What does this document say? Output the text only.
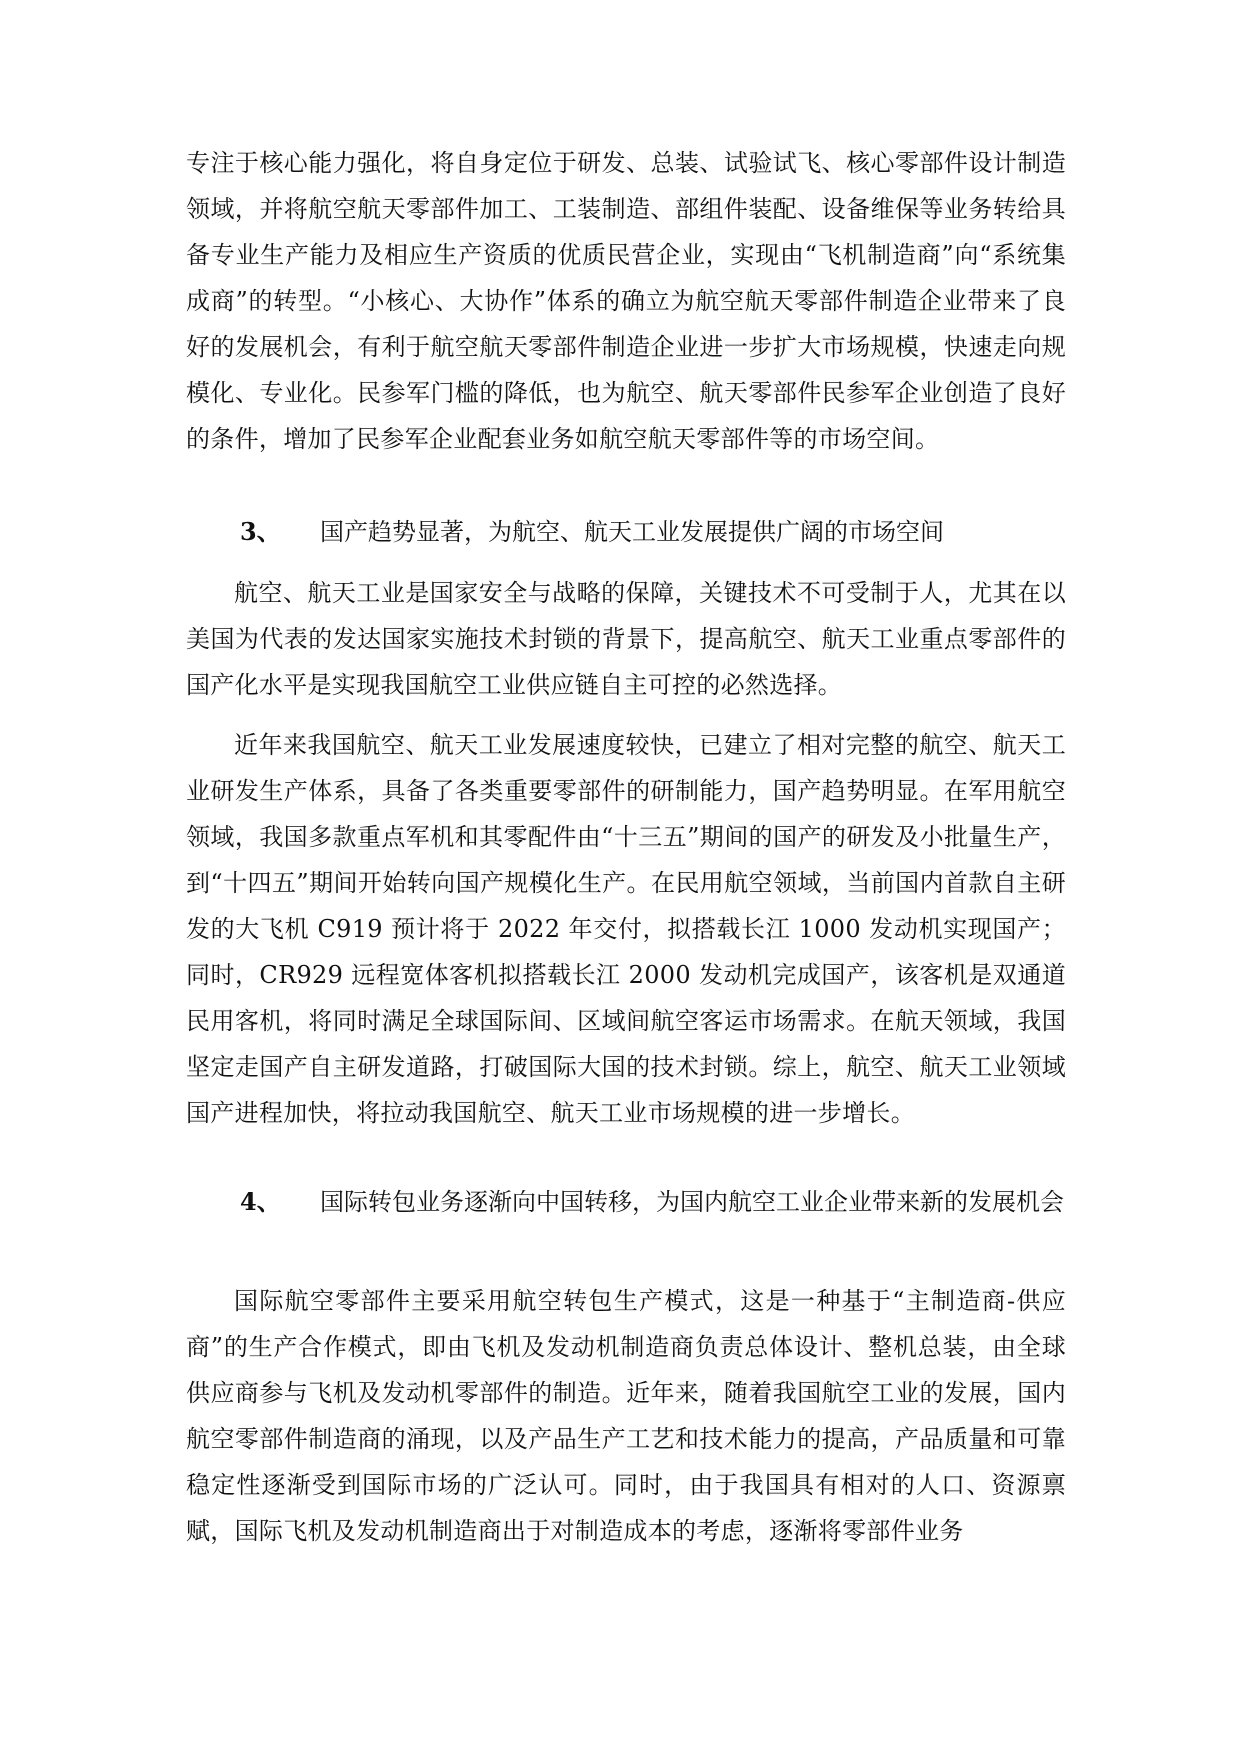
专注于核心能力强化，将自身定位于研发、总装、试验试飞、核心零部件设计制造领域，并将航空航天零部件加工、工装制造、部组件装配、设备维保等业务转给具备专业生产能力及相应生产资质的优质民营企业，实现由“飞机制造商”向“系统集成商”的转型。“小核心、大协作”体系的确立为航空航天零部件制造企业带来了良好的发展机会，有利于航空航天零部件制造企业进一步扩大市场规模，快速走向规模化、专业化。民参军门槛的降低，也为航空、航天零部件民参军企业创造了良好的条件，增加了民参军企业配套业务如航空航天零部件等的市场空间。

3、	国产趋势显著，为航空、航天工业发展提供广阔的市场空间

航空、航天工业是国家安全与战略的保障，关键技术不可受制于人，尤其在以美国为代表的发达国家实施技术封锁的背景下，提高航空、航天工业重点零部件的国产化水平是实现我国航空工业供应链自主可控的必然选择。

近年来我国航空、航天工业发展速度较快，已建立了相对完整的航空、航天工业研发生产体系，具备了各类重要零部件的研制能力，国产趋势明显。在军用航空领域，我国多款重点军机和其零配件由“十三五”期间的国产的研发及小批量生产，到“十四五”期间开始转向国产规模化生产。在民用航空领域，当前国内首款自主研发的大飞机 C919 预计将于 2022 年交付，拟搭载长江 1000 发动机实现国产；同时，CR929 远程宽体客机拟搭载长江 2000 发动机完成国产，该客机是双通道民用客机，将同时满足全球国际间、区域间航空客运市场需求。在航天领域，我国坚定走国产自主研发道路，打破国际大国的技术封锁。综上，航空、航天工业领域国产进程加快，将拉动我国航空、航天工业市场规模的进一步增长。

4、	国际转包业务逐渐向中国转移，为国内航空工业企业带来新的发展机会

国际航空零部件主要采用航空转包生产模式，这是一种基于“主制造商-供应商”的生产合作模式，即由飞机及发动机制造商负责总体设计、整机总装，由全球供应商参与飞机及发动机零部件的制造。近年来，随着我国航空工业的发展，国内航空零部件制造商的涌现，以及产品生产工艺和技术能力的提高，产品质量和可靠稳定性逐渐受到国际市场的广泛认可。同时，由于我国具有相对的人口、资源禀赋，国际飞机及发动机制造商出于对制造成本的考虑，逐渐将零部件业务
